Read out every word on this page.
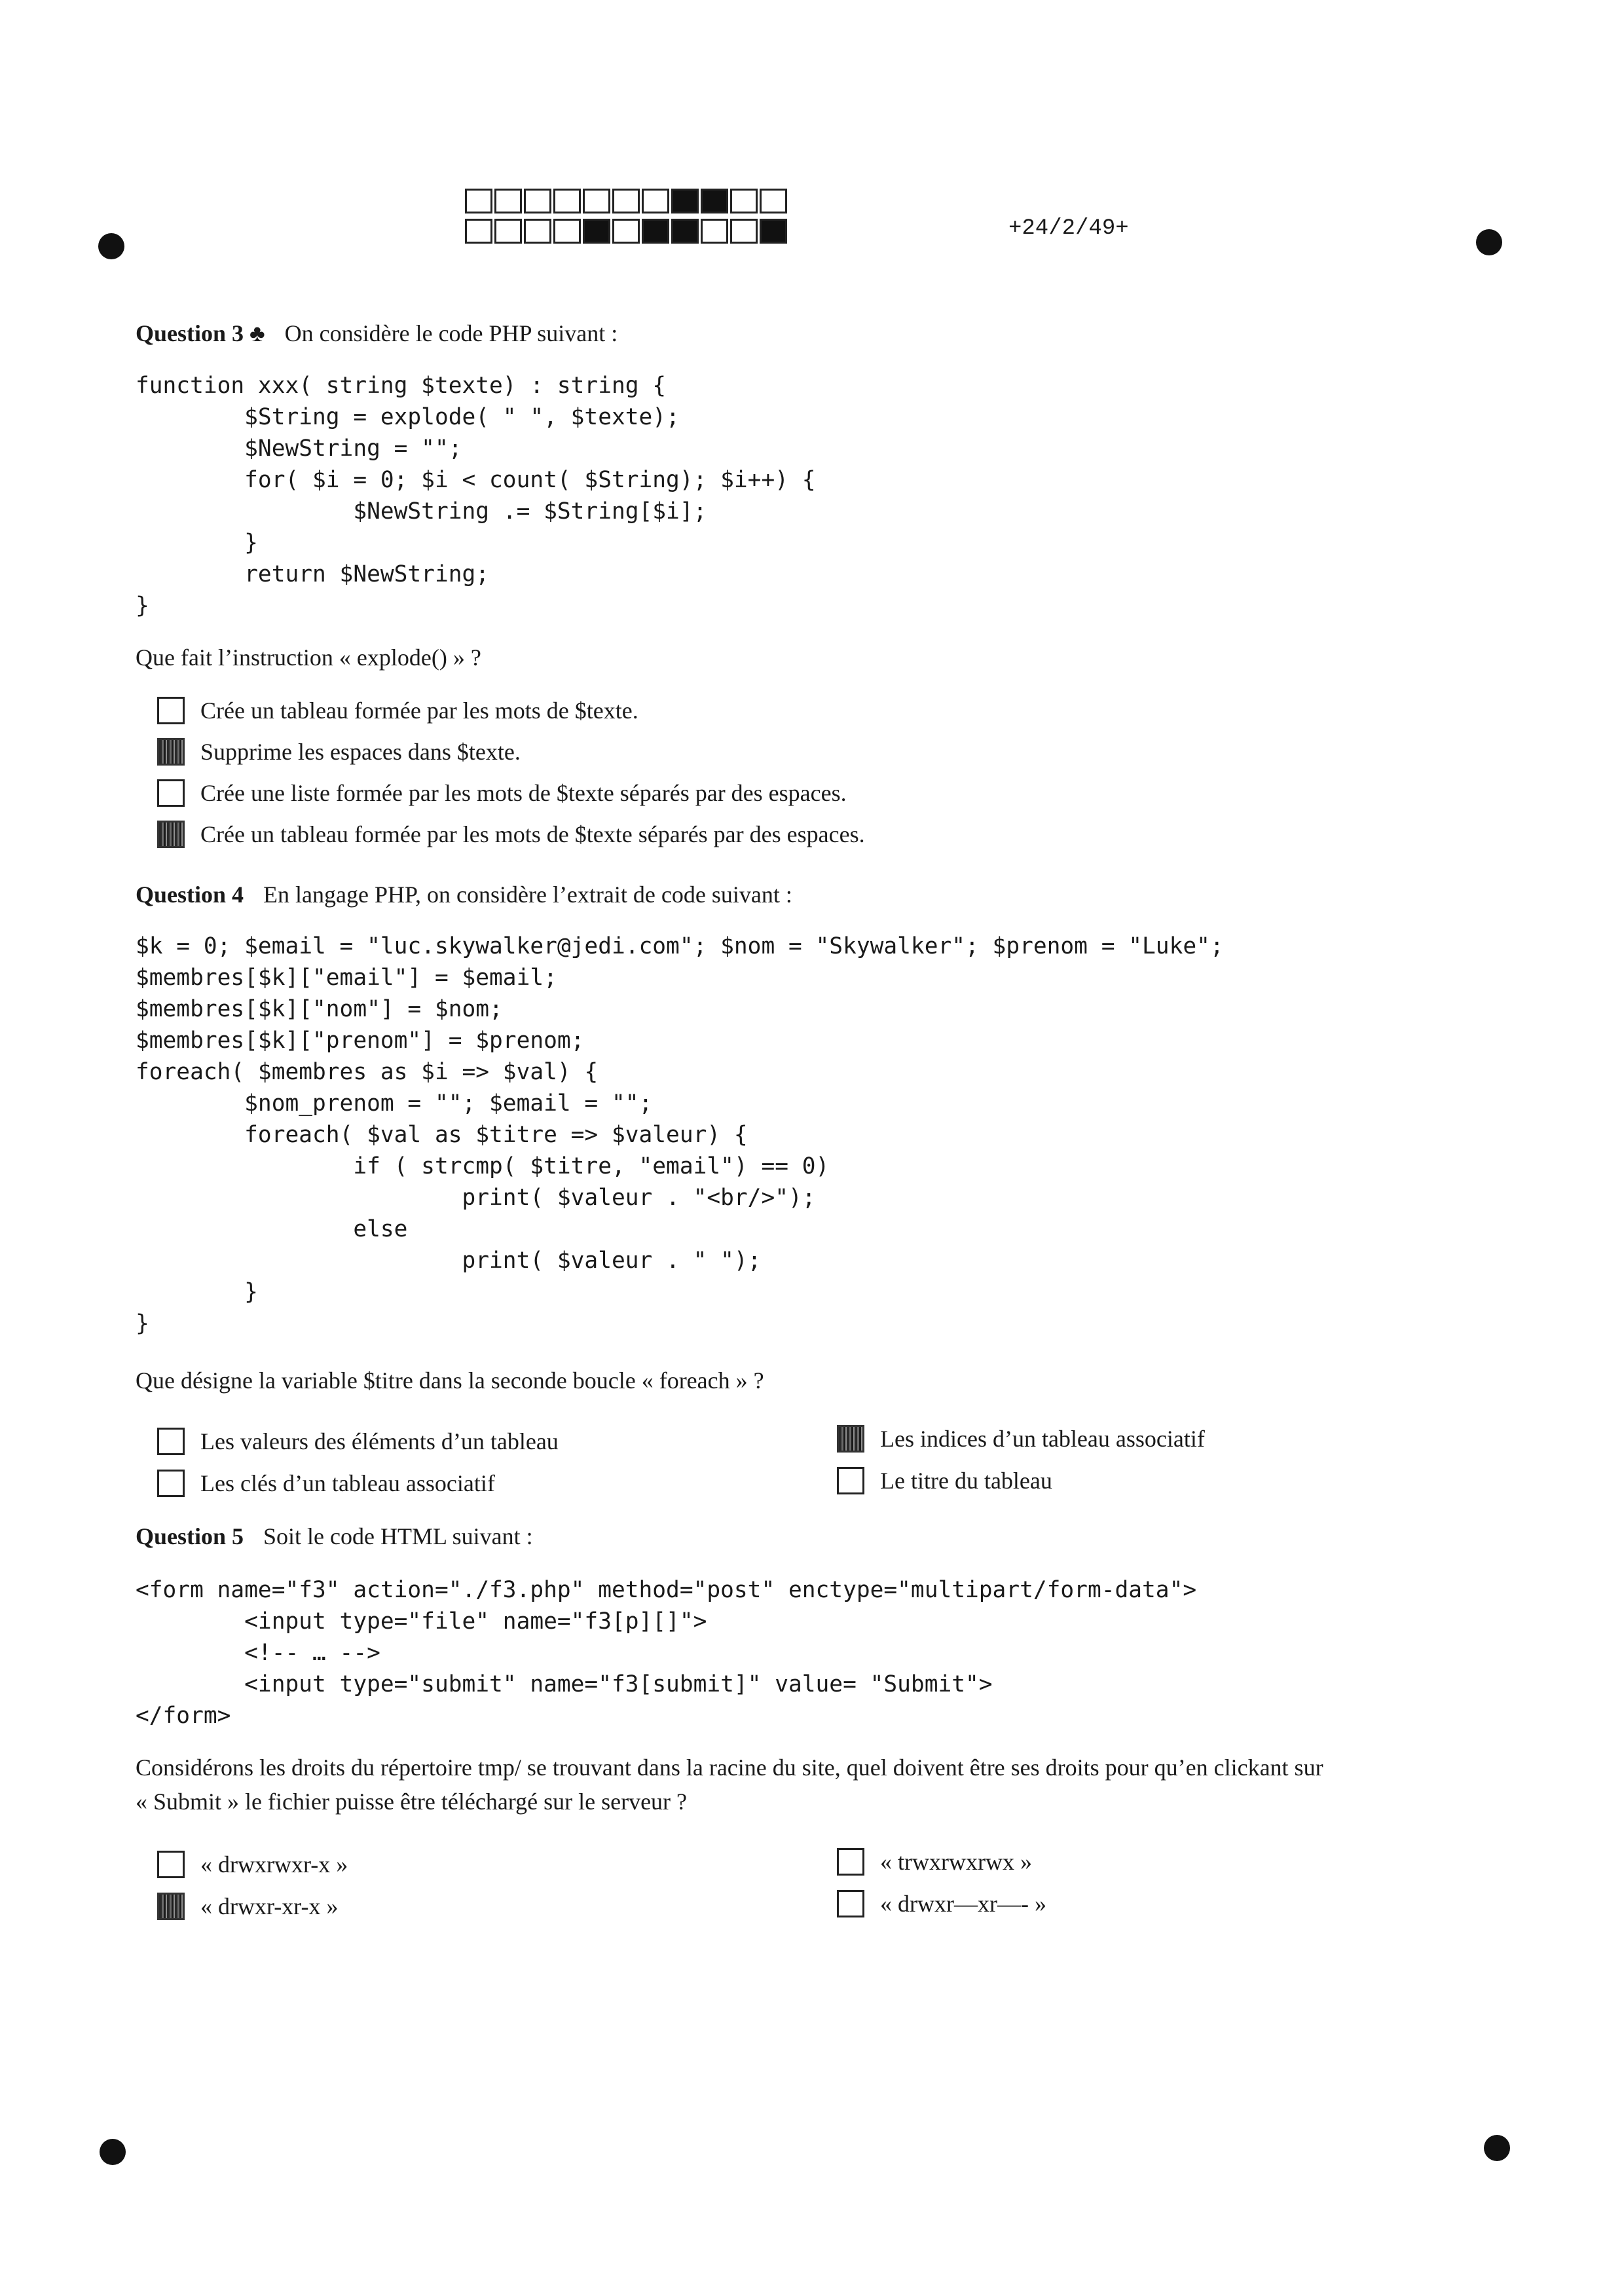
+24/2/49+
Question 3 ♣ On considère le code PHP suivant :
function xxx( string $texte) : string {
$String = explode( " ", $texte);
$NewString = "";
for( $i = 0; $i < count( $String); $i++) {
$NewString .= $String[$i];
}
return $NewString;
}
Que fait l’instruction « explode() » ?
Crée un tableau formée par les mots de $texte.
Supprime les espaces dans $texte.
Crée une liste formée par les mots de $texte séparés par des espaces.
Crée un tableau formée par les mots de $texte séparés par des espaces.
Question 4 En langage PHP, on considère l’extrait de code suivant :
$k = 0; $email = "luc.skywalker@jedi.com"; $nom = "Skywalker"; $prenom = "Luke";
$membres[$k]["email"] = $email;
$membres[$k]["nom"] = $nom;
$membres[$k]["prenom"] = $prenom;
foreach( $membres as $i => $val) {
$nom_prenom = ""; $email = "";
foreach( $val as $titre => $valeur) {
if ( strcmp( $titre, "email") == 0)
print( $valeur . "<br/>");
else
print( $valeur . " ");
}
}
Que désigne la variable $titre dans la seconde boucle « foreach » ?
Les valeurs des éléments d’un tableau	Les indices d’un tableau associatif
Les clés d’un tableau associatif	Le titre du tableau
Question 5 Soit le code HTML suivant :
<form name="f3" action="./f3.php" method="post" enctype="multipart/form-data">
<input type="file" name="f3[p][]">
<!-- … -->
<input type="submit" name="f3[submit]" value= "Submit">
</form>
Considérons les droits du répertoire tmp/ se trouvant dans la racine du site, quel doivent être ses droits pour qu’en clickant sur
« Submit » le fichier puisse être téléchargé sur le serveur ?
« drwxrwxr-x »	« trwxrwxrwx »
« drwxr-xr-x »	« drwxr—xr—- »
